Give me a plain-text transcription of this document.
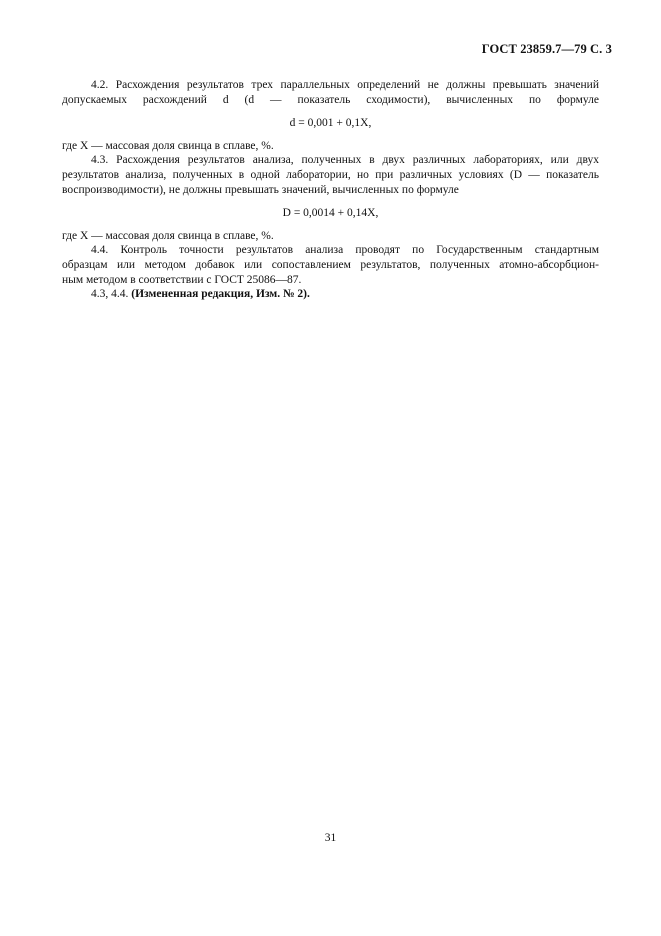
ГОСТ 23859.7—79 С. 3
4.2. Расхождения результатов трех параллельных определений не должны превышать значений
допускаемых расхождений d (d — показатель сходимости), вычисленных по формуле
d = 0,001 + 0,1X,
где X — массовая доля свинца в сплаве, %.
4.3. Расхождения результатов анализа, полученных в двух различных лабораториях, или двух
результатов анализа, полученных в одной лаборатории, но при различных условиях (D — показатель
воспроизводимости), не должны превышать значений, вычисленных по формуле
D = 0,0014 + 0,14X,
где X — массовая доля свинца в сплаве, %.
4.4. Контроль точности результатов анализа проводят по Государственным стандартным
образцам или методом добавок или сопоставлением результатов, полученных атомно-абсорбцион-
ным методом в соответствии с ГОСТ 25086—87.
4.3, 4.4. (Измененная редакция, Изм. № 2).
31
